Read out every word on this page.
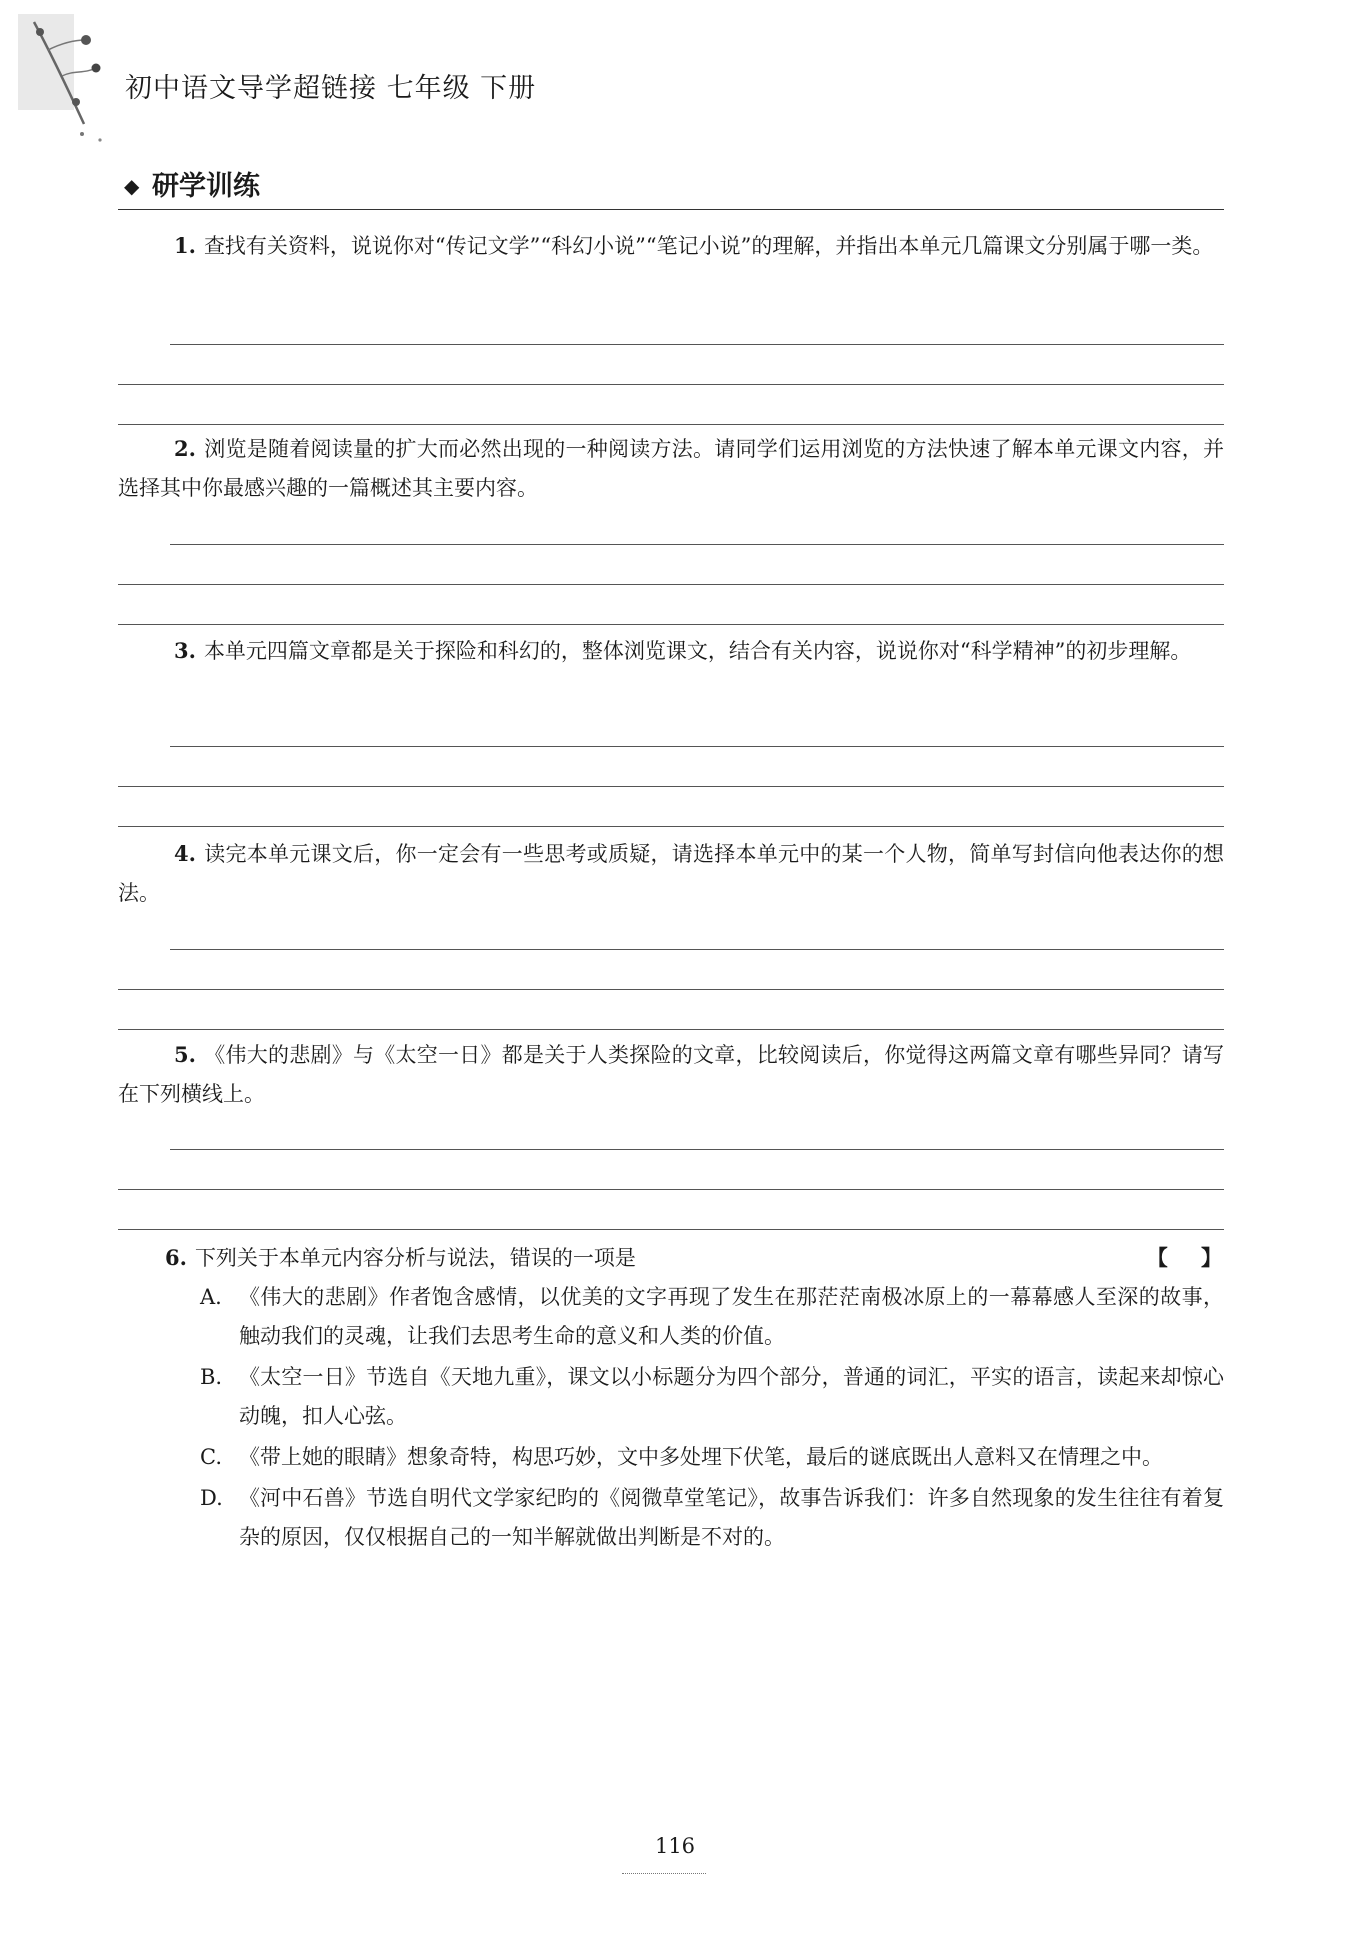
初中语文导学超链接 七年级 下册
◆ 研学训练
1. 查找有关资料，说说你对“传记文学”“科幻小说”“笔记小说”的理解，并指出本单元几篇课文分别属于哪一类。
2. 浏览是随着阅读量的扩大而必然出现的一种阅读方法。请同学们运用浏览的方法快速了解本单元课文内容，并选择其中你最感兴趣的一篇概述其主要内容。
3. 本单元四篇文章都是关于探险和科幻的，整体浏览课文，结合有关内容，说说你对“科学精神”的初步理解。
4. 读完本单元课文后，你一定会有一些思考或质疑，请选择本单元中的某一个人物，简单写封信向他表达你的想法。
5. 《伟大的悲剧》与《太空一日》都是关于人类探险的文章，比较阅读后，你觉得这两篇文章有哪些异同？请写在下列横线上。
6. 下列关于本单元内容分析与说法，错误的一项是	【 】
A. 《伟大的悲剧》作者饱含感情，以优美的文字再现了发生在那茫茫南极冰原上的一幕幕感人至深的故事，触动我们的灵魂，让我们去思考生命的意义和人类的价值。
B. 《太空一日》节选自《天地九重》，课文以小标题分为四个部分，普通的词汇，平实的语言，读起来却惊心动魄，扣人心弦。
C. 《带上她的眼睛》想象奇特，构思巧妙，文中多处埋下伏笔，最后的谜底既出人意料又在情理之中。
D. 《河中石兽》节选自明代文学家纪昀的《阅微草堂笔记》，故事告诉我们：许多自然现象的发生往往有着复杂的原因，仅仅根据自己的一知半解就做出判断是不对的。
116
